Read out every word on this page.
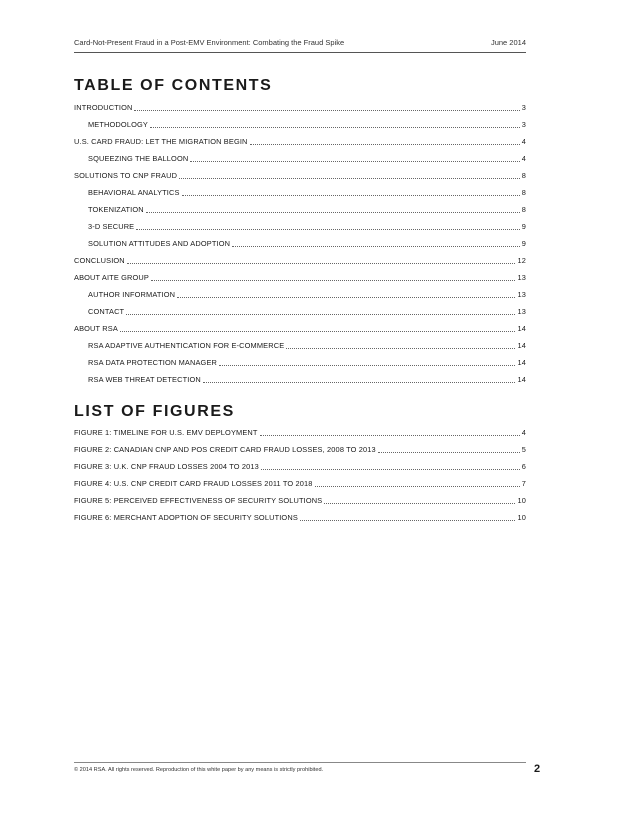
Card-Not-Present Fraud in a Post-EMV Environment: Combating the Fraud Spike	June 2014
TABLE OF CONTENTS
INTRODUCTION	3
METHODOLOGY	3
U.S. CARD FRAUD: LET THE MIGRATION BEGIN	4
SQUEEZING THE BALLOON	4
SOLUTIONS TO CNP FRAUD	8
BEHAVIORAL ANALYTICS	8
TOKENIZATION	8
3-D SECURE	9
SOLUTION ATTITUDES AND ADOPTION	9
CONCLUSION	12
ABOUT AITE GROUP	13
AUTHOR INFORMATION	13
CONTACT	13
ABOUT RSA	14
RSA ADAPTIVE AUTHENTICATION FOR E-COMMERCE	14
RSA DATA PROTECTION MANAGER	14
RSA WEB THREAT DETECTION	14
LIST OF FIGURES
FIGURE 1: TIMELINE FOR U.S. EMV DEPLOYMENT	4
FIGURE 2: CANADIAN CNP AND POS CREDIT CARD FRAUD LOSSES, 2008 TO 2013	5
FIGURE 3: U.K. CNP FRAUD LOSSES 2004 TO 2013	6
FIGURE 4: U.S. CNP CREDIT CARD FRAUD LOSSES 2011 TO 2018	7
FIGURE 5: PERCEIVED EFFECTIVENESS OF SECURITY SOLUTIONS	10
FIGURE 6: MERCHANT ADOPTION OF SECURITY SOLUTIONS	10
© 2014 RSA. All rights reserved. Reproduction of this white paper by any means is strictly prohibited.	2
